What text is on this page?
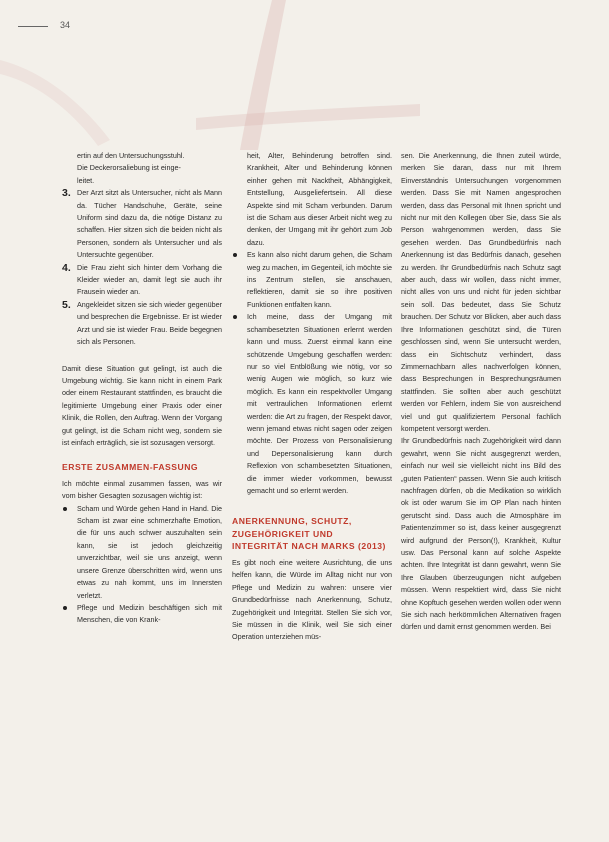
34
ertin auf den Untersuchungsstuhl.
Die Deckerorsaliebung ist einge-
leitet.
3. Der Arzt sitzt als Untersucher, nicht als Mann da. Tücher Handschuhe, Geräte, seine Uniform sind dazu da, die nötige Distanz zu schaffen. Hier sitzen sich die beiden nicht als Personen, sondern als Untersucher und als Untersuchte gegenüber.
4. Die Frau zieht sich hinter dem Vorhang die Kleider wieder an, damit legt sie auch ihr Frausein wieder an.
5. Angekleidet sitzen sie sich wieder gegenüber und besprechen die Ergebnisse. Er ist wieder Arzt und sie ist wieder Frau. Beide begegnen sich als Personen.

Damit diese Situation gut gelingt, ist auch die Umgebung wichtig. Sie kann nicht in einem Park oder einem Restaurant stattfinden, es braucht die legitimierte Umgebung einer Praxis oder einer Klinik, die Rollen, den Auftrag. Wenn der Vorgang gut gelingt, ist die Scham nicht weg, sondern sie ist einfach erträglich, sie ist sozusagen versorgt.

ERSTE ZUSAMMEN-FASSUNG

Ich möchte einmal zusammen fassen, was wir vom bisher Gesagten sozusagen wichtig ist:

Scham und Würde gehen Hand in Hand. Die Scham ist zwar eine schmerzhafte Emotion, die für uns auch schwer auszuhalten sein kann, sie ist jedoch gleichzeitig unverzichtbar, weil sie uns anzeigt, wenn unsere Grenze überschritten wird, wenn uns etwas zu nah kommt, uns im Innersten verletzt.
Pflege und Medizin beschäftigen sich mit Menschen, die von Krank-

heit, Alter, Behinderung betroffen sind. Krankheit, Alter und Behinderung können einher gehen mit Nacktheit, Abhängigkeit, Entstellung, Ausgeliefertsein. All diese Aspekte sind mit Scham verbunden. Darum ist die Scham aus dieser Arbeit nicht weg zu denken, der Umgang mit ihr gehört zum Job dazu.

Es kann also nicht darum gehen, die Scham weg zu machen, im Gegenteil, ich möchte sie ins Zentrum stellen, sie anschauen, reflektieren, damit sie so ihre positiven Funktionen entfalten kann.
Ich meine, dass der Umgang mit schambesetzten Situationen erlernt werden kann und muss. Zuerst einmal kann eine schützende Umgebung geschaffen werden: nur so viel Entblößung wie nötig, vor so wenig Augen wie möglich, so kurz wie möglich. Es kann ein respektvoller Umgang mit vertraulichen Informationen erlernt werden: die Art zu fragen, der Respekt davor, wenn jemand etwas nicht sagen oder zeigen möchte. Der Prozess von Personalisierung und Depersonalisierung kann durch Reflexion von schambesetzten Situationen, die immer wieder vorkommen, bewusst gemacht und so erlernt werden.
ANERKENNUNG, SCHUTZ, ZUGEHÖRIGKEIT UND INTEGRITÄT NACH MARKS (2013)

Es gibt noch eine weitere Ausrichtung, die uns helfen kann, die Würde im Alltag nicht nur von Pflege und Medizin zu wahren: unsere vier Grundbedürfnisse nach Anerkennung, Schutz, Zugehörigkeit und Integrität. Stellen Sie sich vor, Sie müssen in die Klinik, weil Sie sich einer Operation unterziehen müs-

sen. Die Anerkennung, die Ihnen zuteil würde, merken Sie daran, dass nur mit Ihrem Einverständnis Untersuchungen vorgenommen werden. Dass Sie mit Namen angesprochen werden, dass das Personal mit Ihnen spricht und nicht nur mit den Kollegen über Sie, dass Sie als Person wahrgenommen werden, dass Sie gesehen werden. Das Grundbedürfnis nach Anerkennung ist das Bedürfnis danach, gesehen zu werden. Ihr Grundbedürfnis nach Schutz sagt aber auch, dass wir wollen, dass nicht immer, nicht alles von uns und nicht für jeden sichtbar sein soll. Das bedeutet, dass Sie Schutz brauchen. Der Schutz vor Blicken, aber auch dass Ihre Informationen geschützt sind, die Türen geschlossen sind, wenn Sie untersucht werden, dass ein Sichtschutz verhindert, dass Zimmernachbarn alles nachverfolgen können, dass Besprechungen in Besprechungsräumen stattfinden. Sie sollten aber auch geschützt werden vor Fehlern, indem Sie von ausreichend viel und gut qualifiziertem Personal fachlich kompetent versorgt werden.

Ihr Grundbedürfnis nach Zugehörigkeit wird dann gewahrt, wenn Sie nicht ausgegrenzt werden, einfach nur weil sie vielleicht nicht ins Bild des „guten Patienten“ passen. Wenn Sie auch kritisch nachfragen dürfen, ob die Medikation so wirklich ok ist oder warum Sie im OP Plan nach hinten gerutscht sind. Dass auch die Atmosphäre im Patientenzimmer so ist, dass keiner ausgegrenzt wird aufgrund der Person(!), Krankheit, Kultur usw. Das Personal kann auf solche Aspekte achten. Ihre Integrität ist dann gewahrt, wenn Sie Ihre Glauben überzeugungen nicht aufgeben müssen. Wenn respektiert wird, dass Sie nicht ohne Kopftuch gesehen werden wollen oder wenn Sie sich nach herkömmlichen Alternativen fragen dürfen und damit ernst genommen werden. Bei
